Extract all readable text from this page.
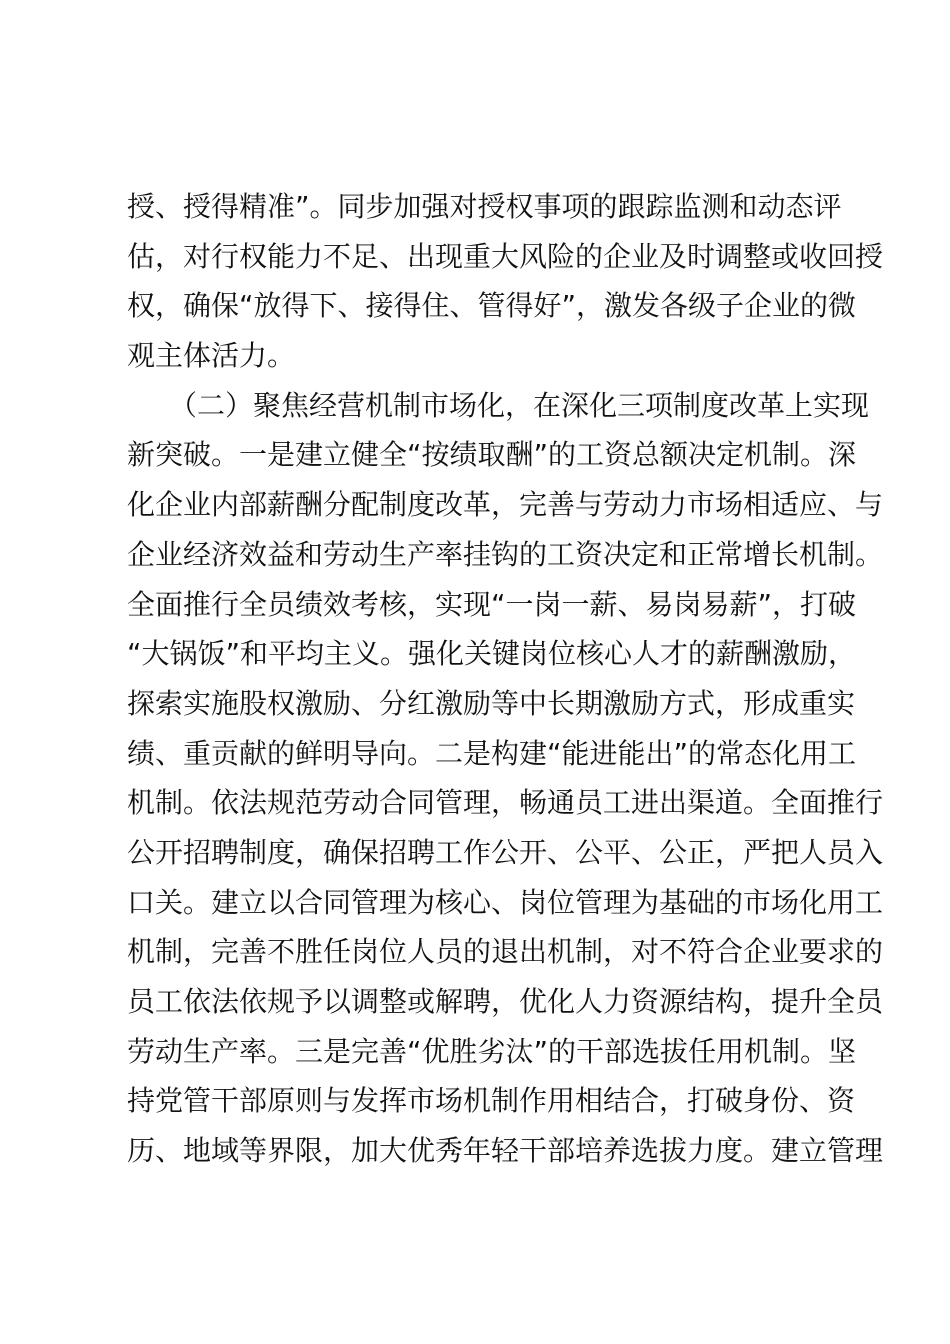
授、授得精准”。同步加强对授权事项的跟踪监测和动态评
估，对行权能力不足、出现重大风险的企业及时调整或收回授
权，确保“放得下、接得住、管得好”，激发各级子企业的微
观主体活力。
　　（二）聚焦经营机制市场化，在深化三项制度改革上实现
新突破。一是建立健全“按绩取酬”的工资总额决定机制。深
化企业内部薪酬分配制度改革，完善与劳动力市场相适应、与
企业经济效益和劳动生产率挂钩的工资决定和正常增长机制。
全面推行全员绩效考核，实现“一岗一薪、易岗易薪”，打破
“大锅饭”和平均主义。强化关键岗位核心人才的薪酬激励，
探索实施股权激励、分红激励等中长期激励方式，形成重实
绩、重贡献的鲜明导向。二是构建“能进能出”的常态化用工
机制。依法规范劳动合同管理，畅通员工进出渠道。全面推行
公开招聘制度，确保招聘工作公开、公平、公正，严把人员入
口关。建立以合同管理为核心、岗位管理为基础的市场化用工
机制，完善不胜任岗位人员的退出机制，对不符合企业要求的
员工依法依规予以调整或解聘，优化人力资源结构，提升全员
劳动生产率。三是完善“优胜劣汰”的干部选拔任用机制。坚
持党管干部原则与发挥市场机制作用相结合，打破身份、资
历、地域等界限，加大优秀年轻干部培养选拔力度。建立管理
